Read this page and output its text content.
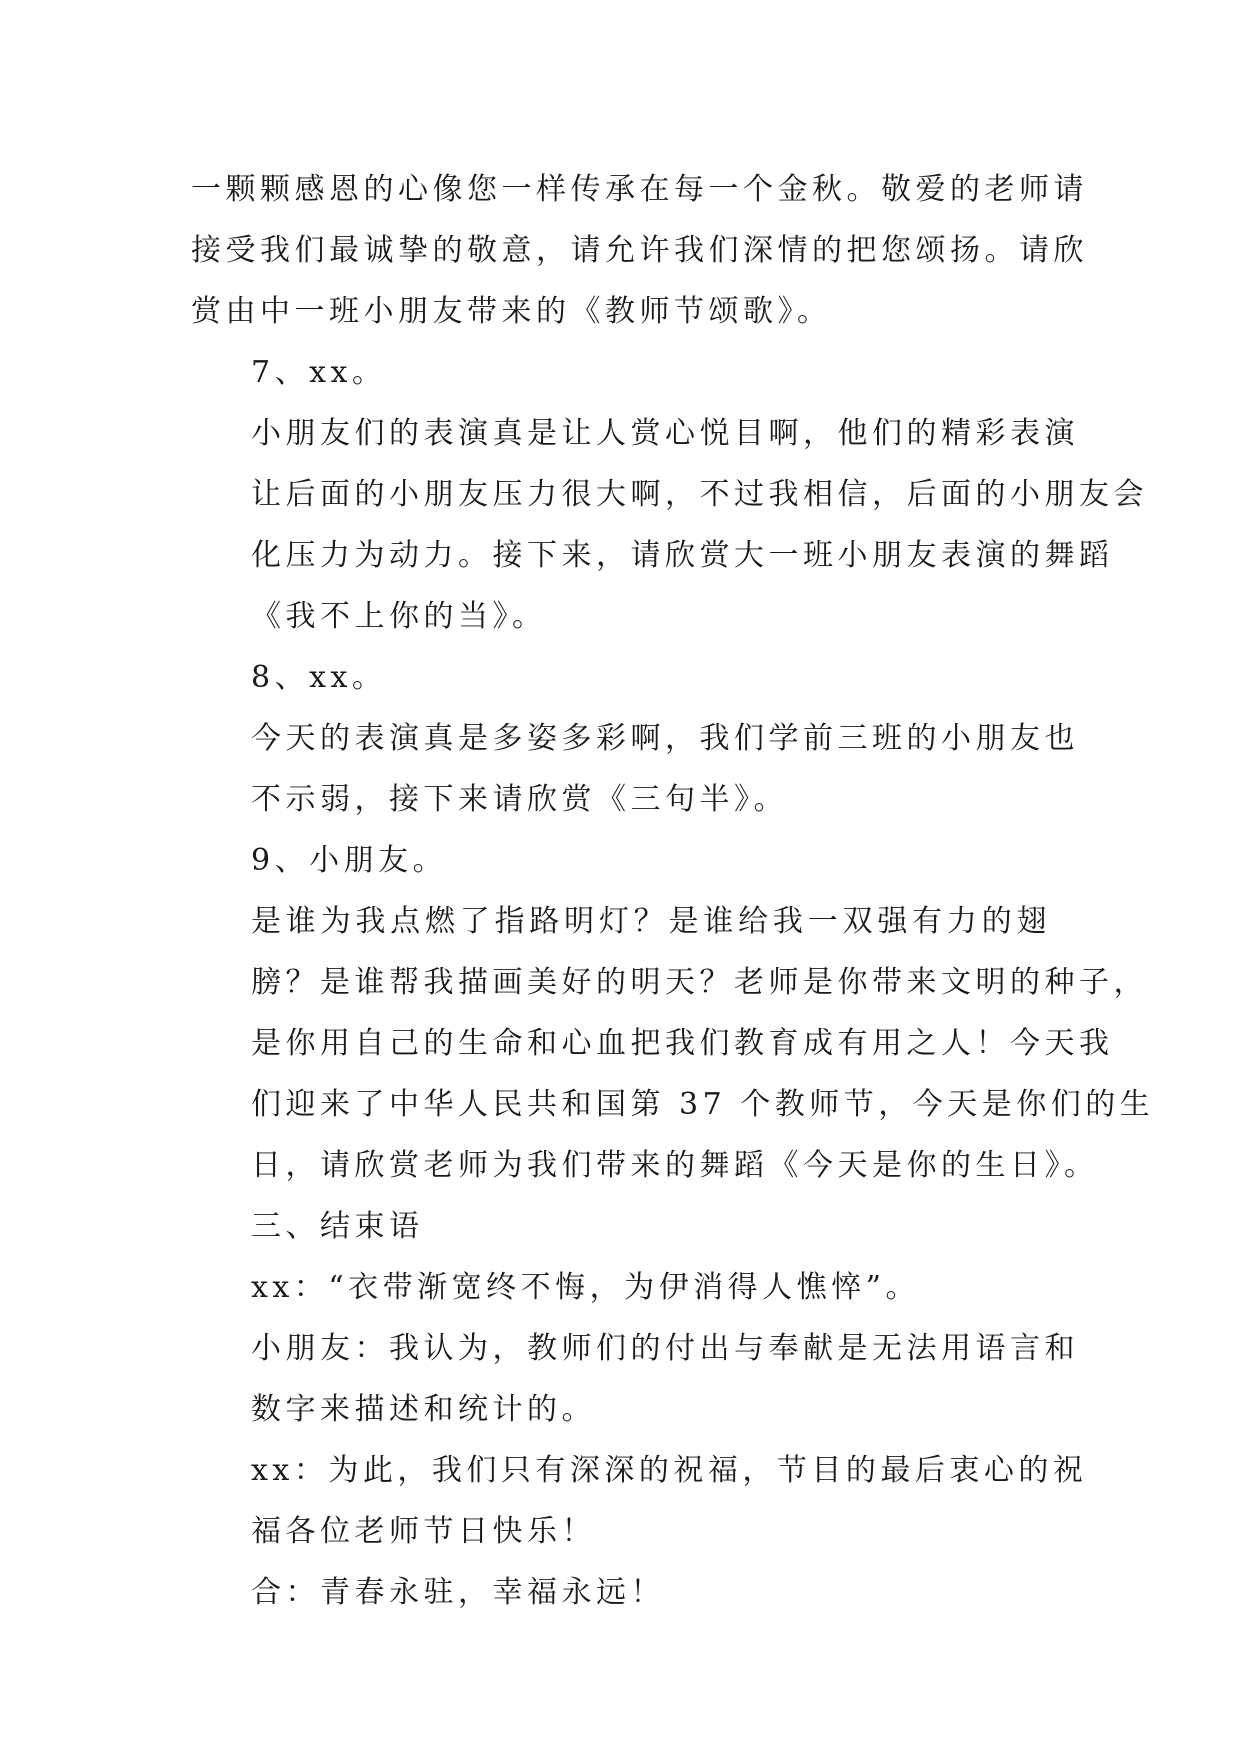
一颗颗感恩的心像您一样传承在每一个金秋。敬爱的老师请
接受我们最诚挚的敬意，请允许我们深情的把您颂扬。请欣
赏由中一班小朋友带来的《教师节颂歌》。

7、xx。

小朋友们的表演真是让人赏心悦目啊，他们的精彩表演
让后面的小朋友压力很大啊，不过我相信，后面的小朋友会
化压力为动力。接下来，请欣赏大一班小朋友表演的舞蹈
《我不上你的当》。

8、xx。

今天的表演真是多姿多彩啊，我们学前三班的小朋友也
不示弱，接下来请欣赏《三句半》。

9、小朋友。

是谁为我点燃了指路明灯？是谁给我一双强有力的翅
膀？是谁帮我描画美好的明天？老师是你带来文明的种子，
是你用自己的生命和心血把我们教育成有用之人！今天我
们迎来了中华人民共和国第 37 个教师节，今天是你们的生
日，请欣赏老师为我们带来的舞蹈《今天是你的生日》。

三、结束语

xx：“衣带渐宽终不悔，为伊消得人憔悴”。

小朋友：我认为，教师们的付出与奉献是无法用语言和
数字来描述和统计的。

xx：为此，我们只有深深的祝福，节目的最后衷心的祝
福各位老师节日快乐！

合：青春永驻，幸福永远！
